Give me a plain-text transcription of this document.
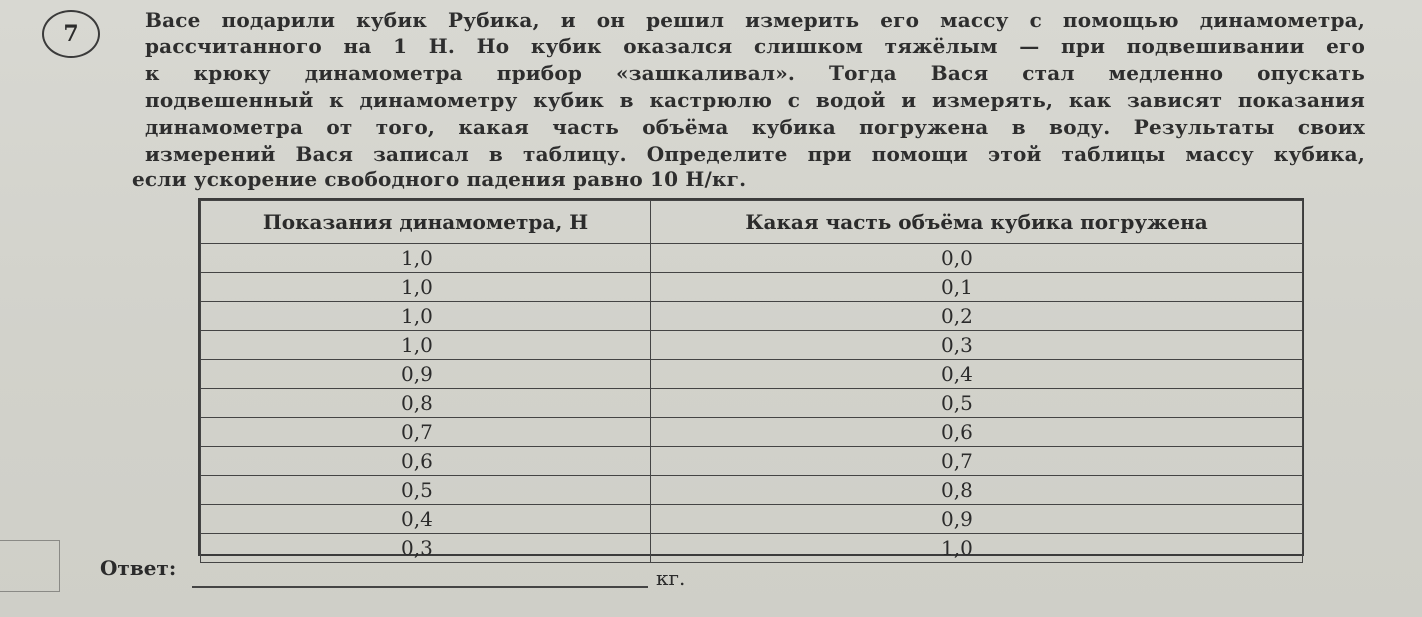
7
Васе подарили кубик Рубика, и он решил измерить его массу с помощью динамометра,
рассчитанного на 1 Н. Но кубик оказался слишком тяжёлым — при подвешивании его
к крюку динамометра прибор «зашкаливал». Тогда Вася стал медленно опускать
подвешенный к динамометру кубик в кастрюлю с водой и измерять, как зависят показания
динамометра от того, какая часть объёма кубика погружена в воду. Результаты своих
измерений Вася записал в таблицу. Определите при помощи этой таблицы массу кубика,
если ускорение свободного падения равно 10 Н/кг.
Показания динамометра, Н	Какая часть объёма кубика погружена
1,0	0,0
1,0	0,1
1,0	0,2
1,0	0,3
0,9	0,4
0,8	0,5
0,7	0,6
0,6	0,7
0,5	0,8
0,4	0,9
0,3	1,0
Ответ:	кг.
